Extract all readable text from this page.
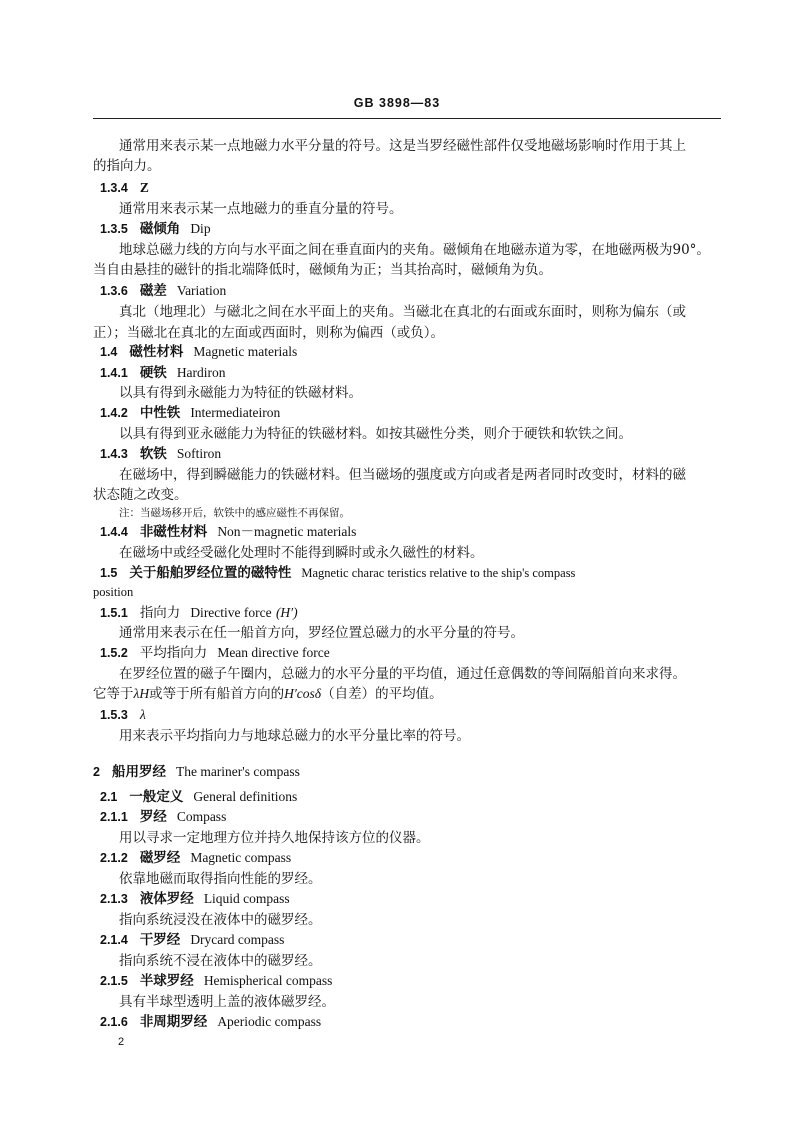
GB 3898—83
通常用来表示某一点地磁力水平分量的符号。这是当罗经磁性部件仅受地磁场影响时作用于其上
的指向力。
1.3.4 Z
通常用来表示某一点地磁力的垂直分量的符号。
1.3.5 磁倾角 Dip
地球总磁力线的方向与水平面之间在垂直面内的夹角。磁倾角在地磁赤道为零，在地磁两极为90°。
当自由悬挂的磁针的指北端降低时，磁倾角为正；当其抬高时，磁倾角为负。
1.3.6 磁差 Variation
真北（地理北）与磁北之间在水平面上的夹角。当磁北在真北的右面或东面时，则称为偏东（或
正）；当磁北在真北的左面或西面时，则称为偏西（或负）。
1.4 磁性材料 Magnetic materials
1.4.1 硬铁 Hardiron
以具有得到永磁能力为特征的铁磁材料。
1.4.2 中性铁 Intermediateiron
以具有得到亚永磁能力为特征的铁磁材料。如按其磁性分类，则介于硬铁和软铁之间。
1.4.3 软铁 Softiron
在磁场中，得到瞬磁能力的铁磁材料。但当磁场的强度或方向或者是两者同时改变时，材料的磁
状态随之改变。
注：当磁场移开后，软铁中的感应磁性不再保留。
1.4.4 非磁性材料 Non－magnetic materials
在磁场中或经受磁化处理时不能得到瞬时或永久磁性的材料。
1.5 关于船舶罗经位置的磁特性 Magnetic charac teristics relative to the ship's compass
position
1.5.1 指向力 Directive force (H′)
通常用来表示在任一船首方向，罗经位置总磁力的水平分量的符号。
1.5.2 平均指向力 Mean directive force
在罗经位置的磁子午圈内，总磁力的水平分量的平均值，通过任意偶数的等间隔船首向来求得。
它等于λH或等于所有船首方向的H′cosδ（自差）的平均值。
1.5.3 λ
用来表示平均指向力与地球总磁力的水平分量比率的符号。
2 船用罗经 The mariner's compass
2.1 一般定义 General definitions
2.1.1 罗经 Compass
用以寻求一定地理方位并持久地保持该方位的仪器。
2.1.2 磁罗经 Magnetic compass
依靠地磁而取得指向性能的罗经。
2.1.3 液体罗经 Liquid compass
指向系统浸没在液体中的磁罗经。
2.1.4 干罗经 Drycard compass
指向系统不浸在液体中的磁罗经。
2.1.5 半球罗经 Hemispherical compass
具有半球型透明上盖的液体磁罗经。
2.1.6 非周期罗经 Aperiodic compass
2
